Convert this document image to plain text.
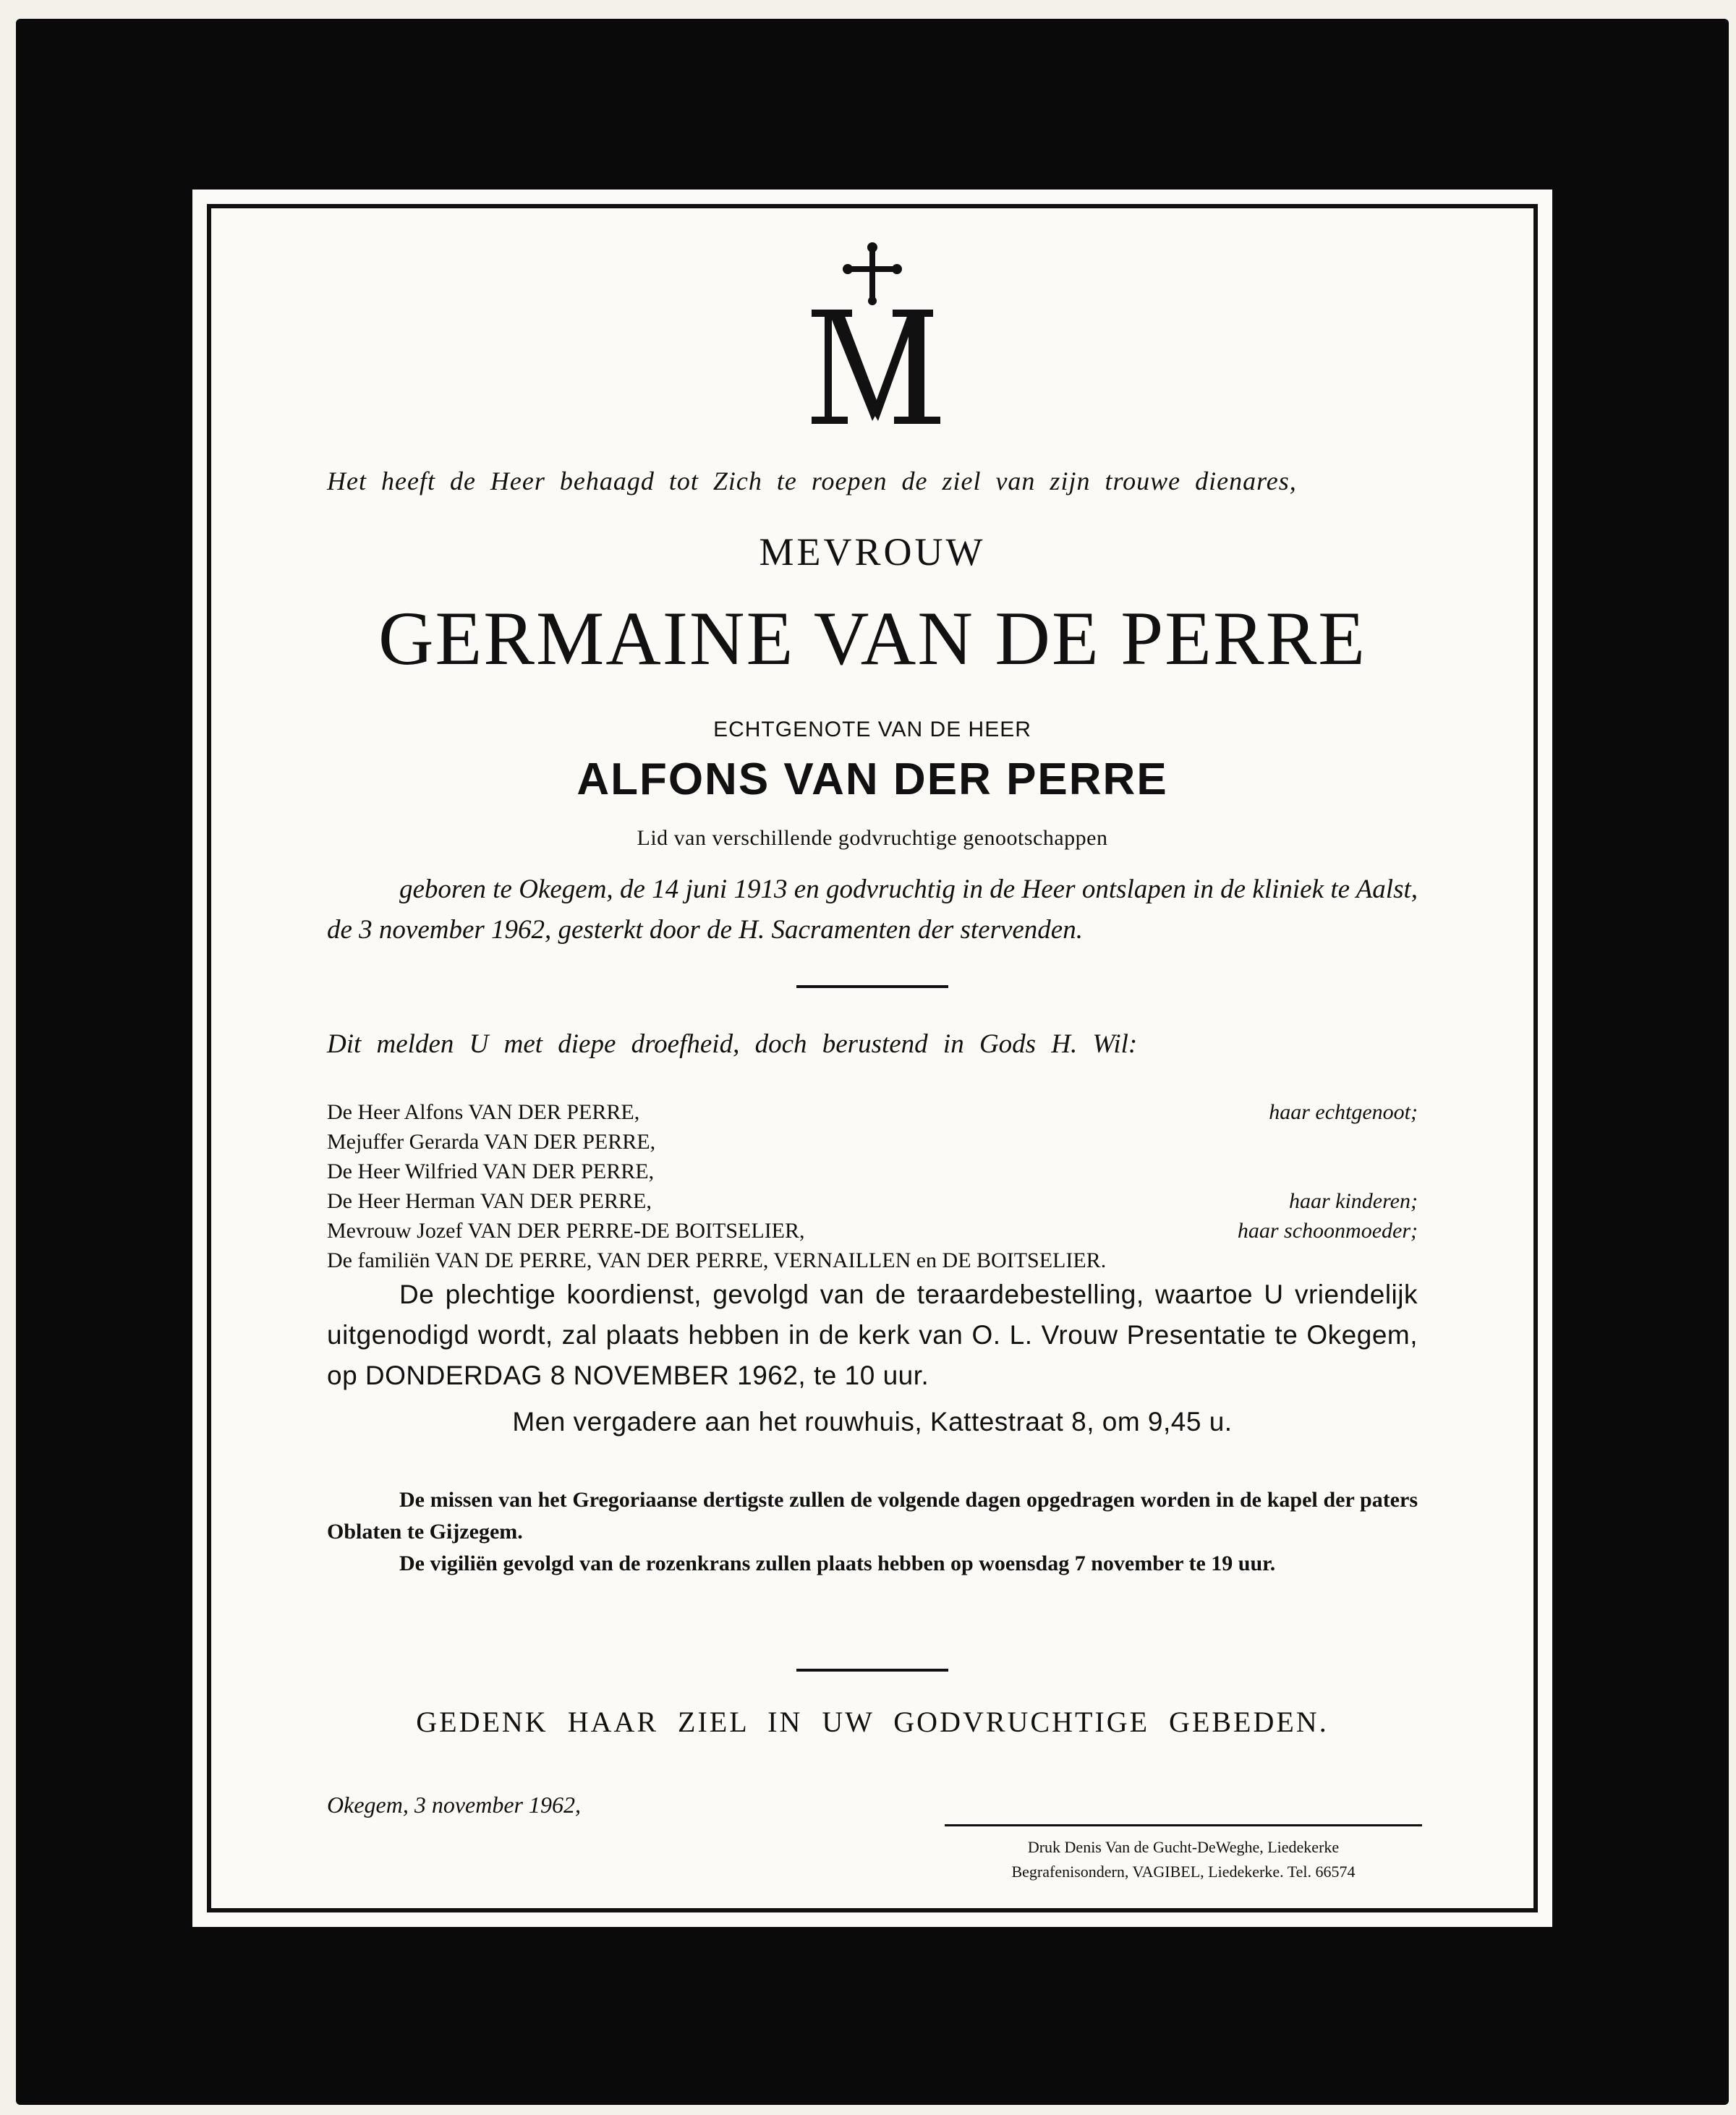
Het heeft de Heer behaagd tot Zich te roepen de ziel van zijn trouwe dienares,
MEVROUW
GERMAINE VAN DE PERRE
ECHTGENOTE VAN DE HEER
ALFONS VAN DER PERRE
Lid van verschillende godvruchtige genootschappen
geboren te Okegem, de 14 juni 1913 en godvruchtig in de Heer ontslapen in de kliniek te Aalst, de 3 november 1962, gesterkt door de H. Sacramenten der stervenden.
Dit melden U met diepe droefheid, doch berustend in Gods H. Wil:
De Heer Alfons VAN DER PERRE,	haar echtgenoot;
Mejuffer Gerarda VAN DER PERRE,
De Heer Wilfried VAN DER PERRE,
De Heer Herman VAN DER PERRE,	haar kinderen;
Mevrouw Jozef VAN DER PERRE-DE BOITSELIER,	haar schoonmoeder;
De familiën VAN DE PERRE, VAN DER PERRE, VERNAILLEN en DE BOITSELIER.
De plechtige koordienst, gevolgd van de teraardebestelling, waartoe U vriendelijk uitgenodigd wordt, zal plaats hebben in de kerk van O. L. Vrouw Presentatie te Okegem, op DONDERDAG 8 NOVEMBER 1962, te 10 uur.
Men vergadere aan het rouwhuis, Kattestraat 8, om 9,45 u.

De missen van het Gregoriaanse dertigste zullen de volgende dagen opgedragen worden in de kapel der paters Oblaten te Gijzegem.

De vigiliën gevolgd van de rozenkrans zullen plaats hebben op woensdag 7 november te 19 uur.

GEDENK HAAR ZIEL IN UW GODVRUCHTIGE GEBEDEN.
Okegem, 3 november 1962,
Druk Denis Van de Gucht-DeWeghe, Liedekerke
Begrafenisondern, VAGIBEL, Liedekerke. Tel. 66574
